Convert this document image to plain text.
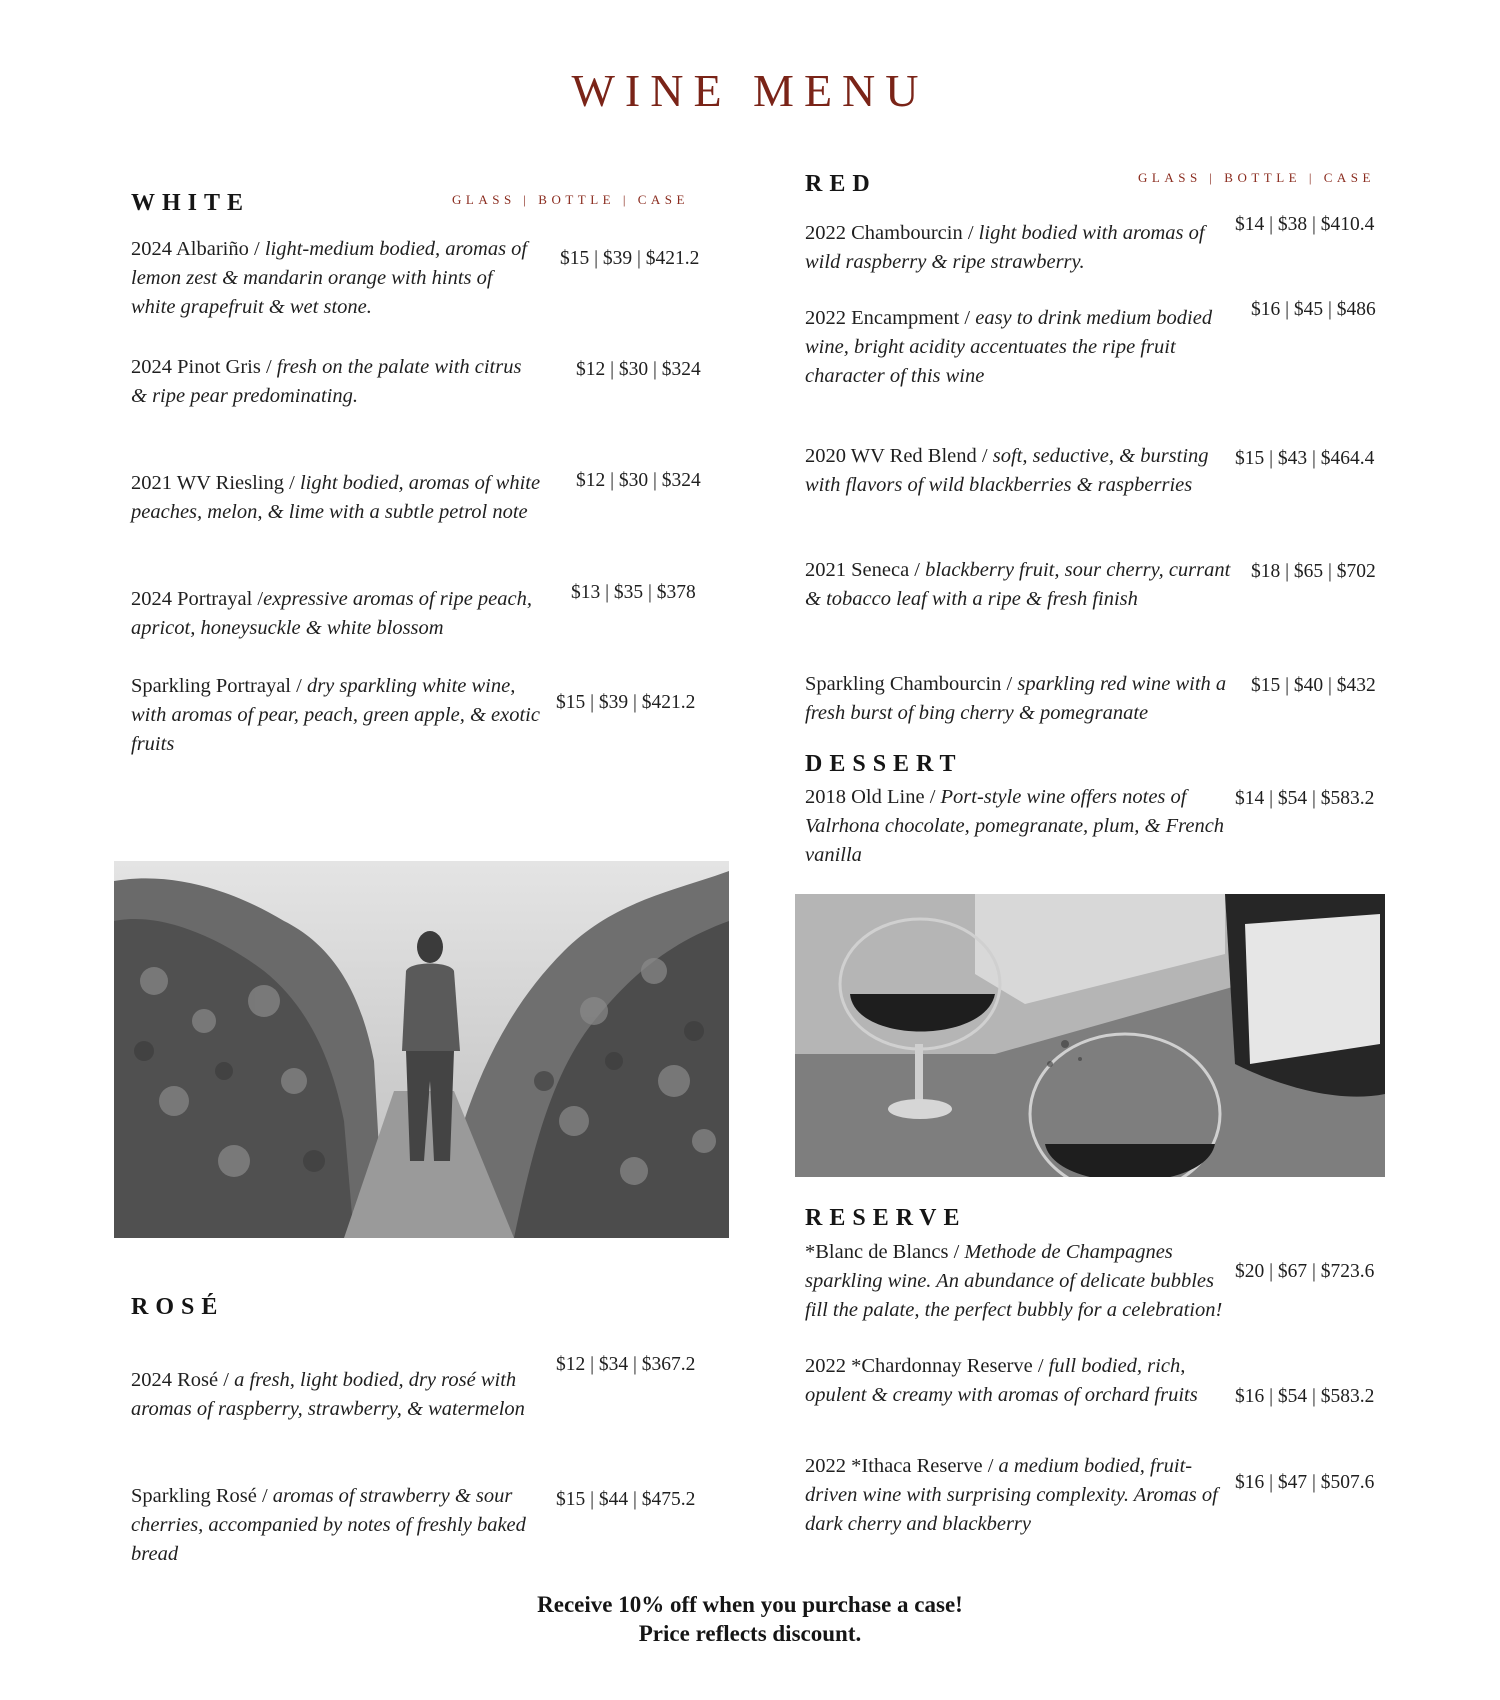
WINE MENU
WHITE	GLASS | BOTTLE | CASE
2024 Albariño / light-medium bodied, aromas of lemon zest & mandarin orange with hints of white grapefruit & wet stone.
$15 | $39 | $421.2
2024 Pinot Gris / fresh on the palate with citrus & ripe pear predominating.
$12 | $30 | $324
2021 WV Riesling / light bodied, aromas of white peaches, melon, & lime with a subtle petrol note
$12 | $30 | $324
2024 Portrayal /expressive aromas of ripe peach, apricot, honeysuckle & white blossom
$13 | $35 | $378
Sparkling Portrayal / dry sparkling white wine, with aromas of pear, peach, green apple, & exotic fruits
$15 | $39 | $421.2
RED	GLASS | BOTTLE | CASE
2022 Chambourcin / light bodied with aromas of wild raspberry & ripe strawberry.
$14 | $38 | $410.4
2022 Encampment / easy to drink medium bodied wine, bright acidity accentuates the ripe fruit character of this wine
$16 | $45 | $486
2020 WV Red Blend / soft, seductive, & bursting with flavors of wild blackberries & raspberries
$15 | $43 | $464.4
2021 Seneca / blackberry fruit, sour cherry, currant & tobacco leaf with a ripe & fresh finish
$18 | $65 | $702
Sparkling Chambourcin / sparkling red wine with a fresh burst of bing cherry & pomegranate
$15 | $40 | $432
DESSERT
2018 Old Line / Port-style wine offers notes of Valrhona chocolate, pomegranate, plum, & French vanilla
$14 | $54 | $583.2
ROSÉ
2024 Rosé / a fresh, light bodied, dry rosé with aromas of raspberry, strawberry, & watermelon
$12 | $34 | $367.2
Sparkling Rosé / aromas of strawberry & sour cherries, accompanied by notes of freshly baked bread
$15 | $44 | $475.2
RESERVE
*Blanc de Blancs / Methode de Champagnes sparkling wine. An abundance of delicate bubbles fill the palate, the perfect bubbly for a celebration!
$20 | $67 | $723.6
2022 *Chardonnay Reserve / full bodied, rich, opulent & creamy with aromas of orchard fruits	$16 | $54 | $583.2
2022 *Ithaca Reserve / a medium bodied, fruit-driven wine with surprising complexity. Aromas of dark cherry and blackberry
$16 | $47 | $507.6
Receive 10% off when you purchase a case!
Price reflects discount.
